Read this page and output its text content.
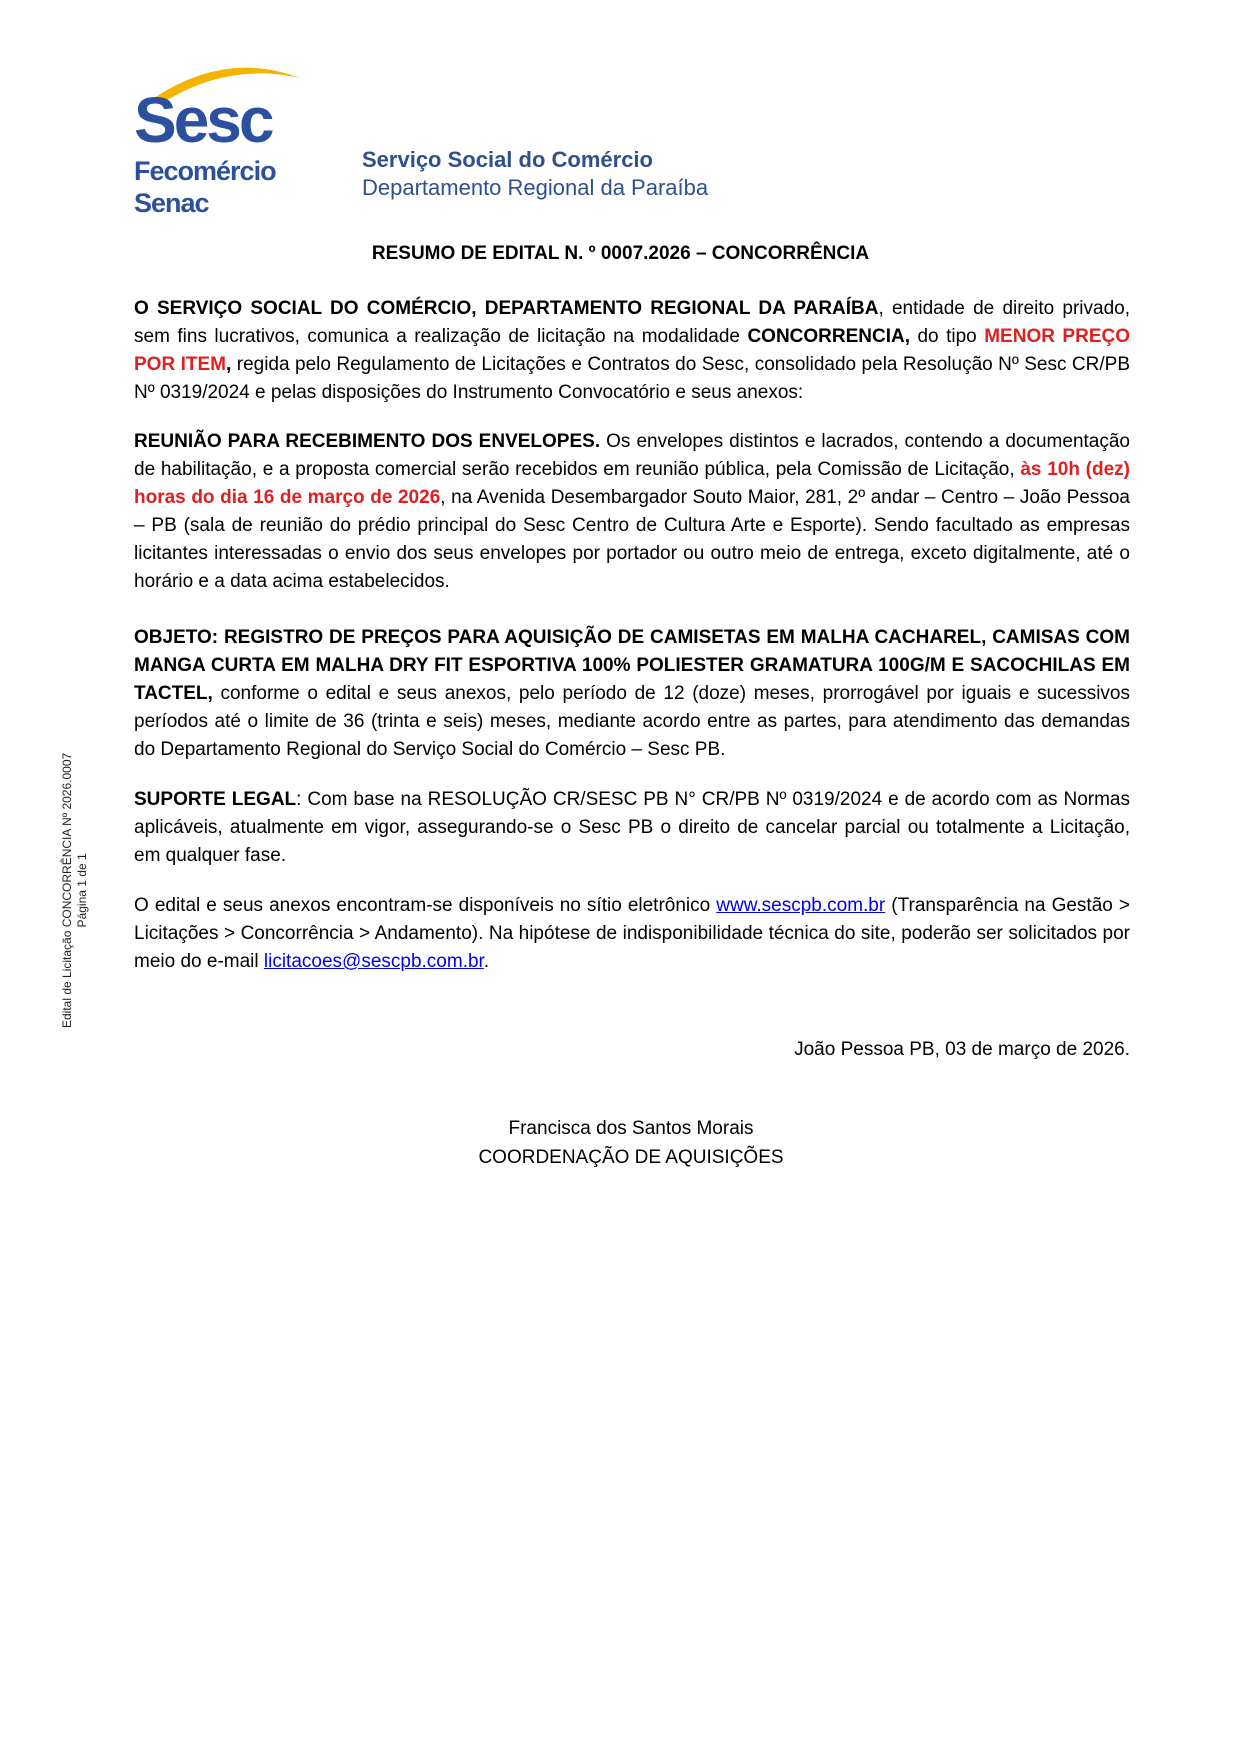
Sesc
Fecomércio
Senac
Serviço Social do Comércio
Departamento Regional da Paraíba
RESUMO DE EDITAL N. º 0007.2026 – CONCORRÊNCIA

O SERVIÇO SOCIAL DO COMÉRCIO, DEPARTAMENTO REGIONAL DA PARAÍBA, entidade de direito privado, sem fins lucrativos, comunica a realização de licitação na modalidade CONCORRENCIA, do tipo MENOR PREÇO POR ITEM, regida pelo Regulamento de Licitações e Contratos do Sesc, consolidado pela Resolução Nº Sesc CR/PB Nº 0319/2024 e pelas disposições do Instrumento Convocatório e seus anexos:

REUNIÃO PARA RECEBIMENTO DOS ENVELOPES. Os envelopes distintos e lacrados, contendo a documentação de habilitação, e a proposta comercial serão recebidos em reunião pública, pela Comissão de Licitação, às 10h (dez) horas do dia 16 de março de 2026, na Avenida Desembargador Souto Maior, 281, 2º andar – Centro – João Pessoa – PB (sala de reunião do prédio principal do Sesc Centro de Cultura Arte e Esporte). Sendo facultado as empresas licitantes interessadas o envio dos seus envelopes por portador ou outro meio de entrega, exceto digitalmente, até o horário e a data acima estabelecidos.

OBJETO: REGISTRO DE PREÇOS PARA AQUISIÇÃO DE CAMISETAS EM MALHA CACHAREL, CAMISAS COM MANGA CURTA EM MALHA DRY FIT ESPORTIVA 100% POLIESTER GRAMATURA 100G/M E SACOCHILAS EM TACTEL, conforme o edital e seus anexos, pelo período de 12 (doze) meses, prorrogável por iguais e sucessivos períodos até o limite de 36 (trinta e seis) meses, mediante acordo entre as partes, para atendimento das demandas do Departamento Regional do Serviço Social do Comércio – Sesc PB.

SUPORTE LEGAL: Com base na RESOLUÇÃO CR/SESC PB N° CR/PB Nº 0319/2024 e de acordo com as Normas aplicáveis, atualmente em vigor, assegurando-se o Sesc PB o direito de cancelar parcial ou totalmente a Licitação, em qualquer fase.

O edital e seus anexos encontram-se disponíveis no sítio eletrônico www.sescpb.com.br (Transparência na Gestão > Licitações > Concorrência > Andamento). Na hipótese de indisponibilidade técnica do site, poderão ser solicitados por meio do e-mail licitacoes@sescpb.com.br.

João Pessoa PB, 03 de março de 2026.
Francisca dos Santos Morais
COORDENAÇÃO DE AQUISIÇÕES
Edital de Licitação CONCORRÊNCIA Nº 2026.0007 Página 1 de 1
